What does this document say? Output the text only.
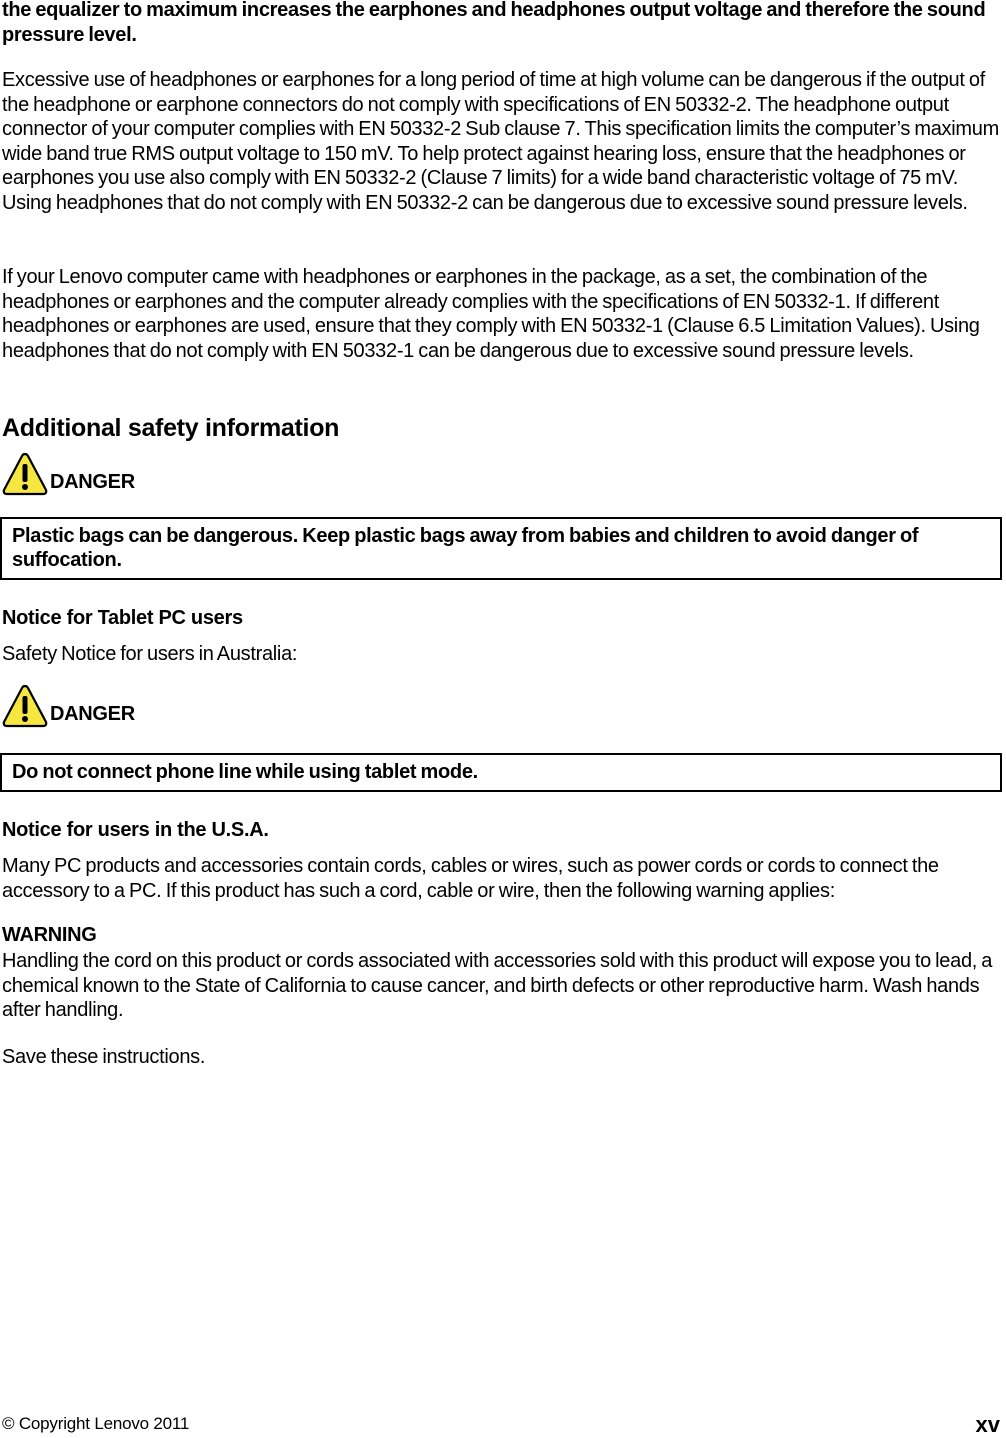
the equalizer to maximum increases the earphones and headphones output voltage and therefore the sound pressure level.

Excessive use of headphones or earphones for a long period of time at high volume can be dangerous if the output of the headphone or earphone connectors do not comply with specifications of EN 50332-2. The headphone output connector of your computer complies with EN 50332-2 Sub clause 7. This specification limits the computer’s maximum wide band true RMS output voltage to 150 mV. To help protect against hearing loss, ensure that the headphones or earphones you use also comply with EN 50332-2 (Clause 7 limits) for a wide band characteristic voltage of 75 mV. Using headphones that do not comply with EN 50332-2 can be dangerous due to excessive sound pressure levels.

If your Lenovo computer came with headphones or earphones in the package, as a set, the combination of the headphones or earphones and the computer already complies with the specifications of EN 50332-1. If different headphones or earphones are used, ensure that they comply with EN 50332-1 (Clause 6.5 Limitation Values). Using headphones that do not comply with EN 50332-1 can be dangerous due to excessive sound pressure levels.

Additional safety information
DANGER
Plastic bags can be dangerous. Keep plastic bags away from babies and children to avoid danger of suffocation.
Notice for Tablet PC users

Safety Notice for users in Australia:

DANGER
Do not connect phone line while using tablet mode.
Notice for users in the U.S.A.

Many PC products and accessories contain cords, cables or wires, such as power cords or cords to connect the accessory to a PC. If this product has such a cord, cable or wire, then the following warning applies:

WARNING

Handling the cord on this product or cords associated with accessories sold with this product will expose you to lead, a chemical known to the State of California to cause cancer, and birth defects or other reproductive harm. Wash hands after handling.

Save these instructions.

© Copyright Lenovo 2011	xv
